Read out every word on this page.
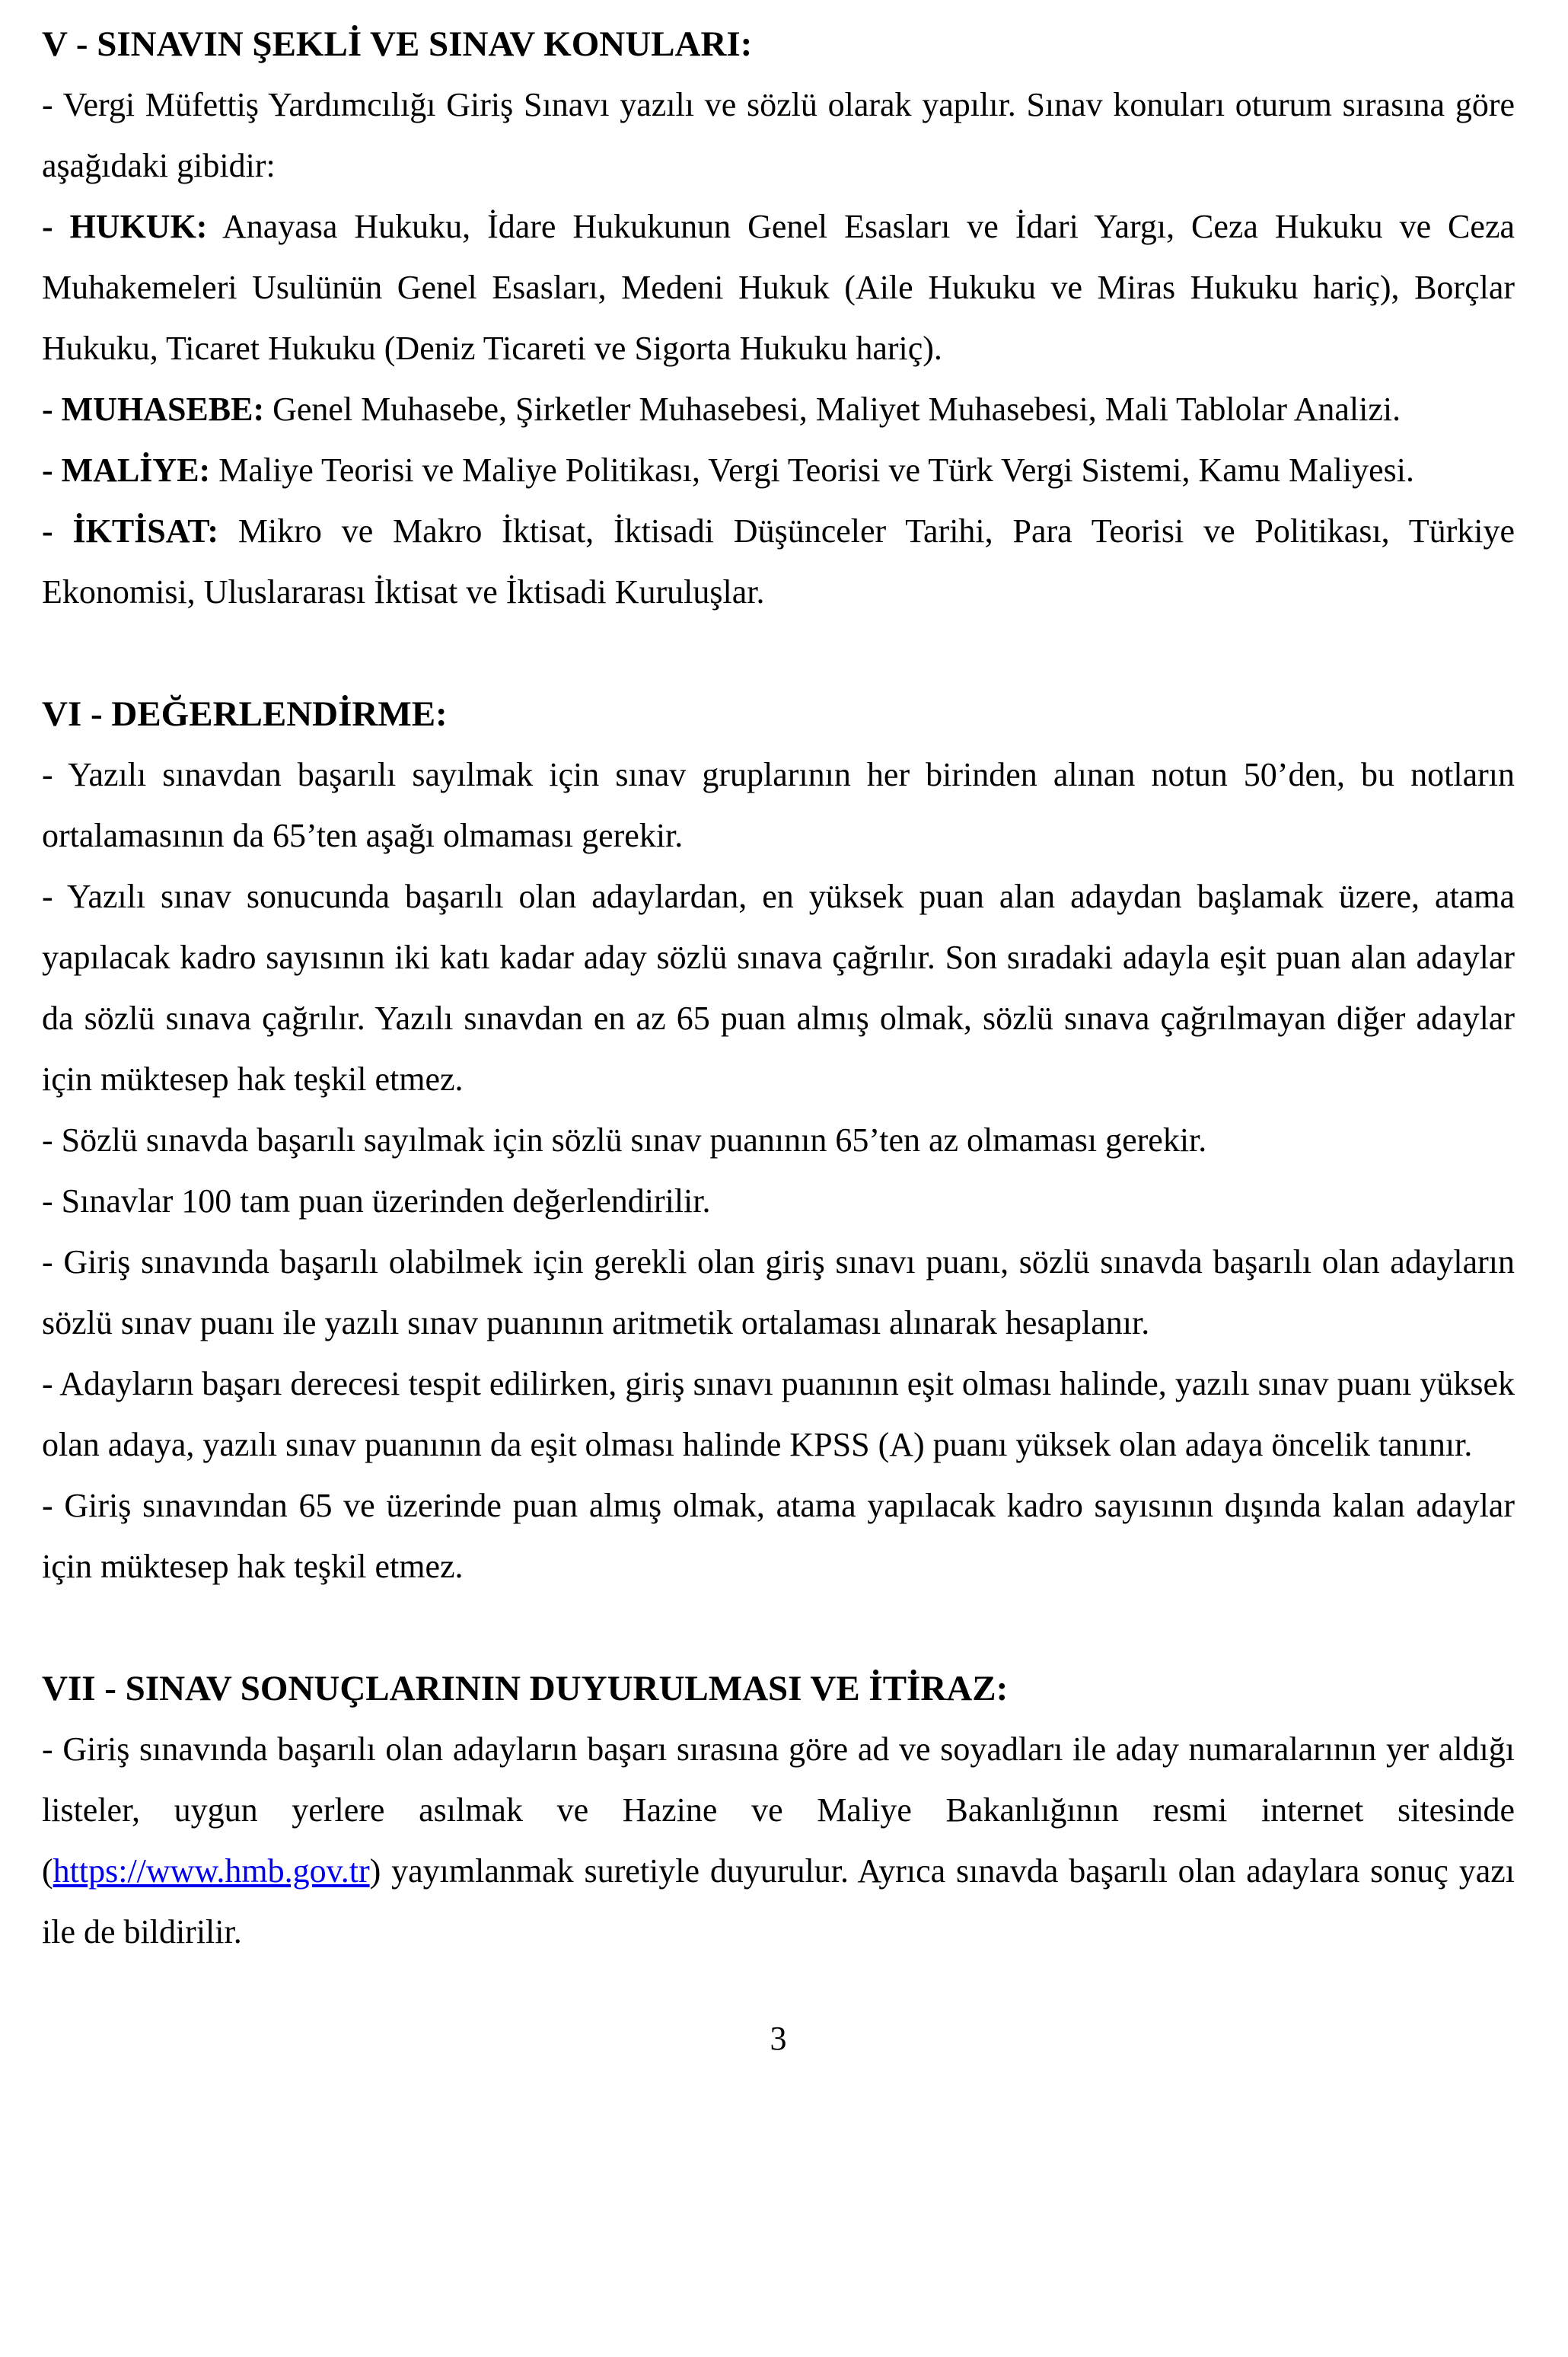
V - SINAVIN ŞEKLİ VE SINAV KONULARI:

- Vergi Müfettiş Yardımcılığı Giriş Sınavı yazılı ve sözlü olarak yapılır. Sınav konuları oturum sırasına göre aşağıdaki gibidir:

- HUKUK: Anayasa Hukuku, İdare Hukukunun Genel Esasları ve İdari Yargı, Ceza Hukuku ve Ceza Muhakemeleri Usulünün Genel Esasları, Medeni Hukuk (Aile Hukuku ve Miras Hukuku hariç), Borçlar Hukuku, Ticaret Hukuku (Deniz Ticareti ve Sigorta Hukuku hariç).

- MUHASEBE: Genel Muhasebe, Şirketler Muhasebesi, Maliyet Muhasebesi, Mali Tablolar Analizi.

- MALİYE: Maliye Teorisi ve Maliye Politikası, Vergi Teorisi ve Türk Vergi Sistemi, Kamu Maliyesi.

- İKTİSAT: Mikro ve Makro İktisat, İktisadi Düşünceler Tarihi, Para Teorisi ve Politikası, Türkiye Ekonomisi, Uluslararası İktisat ve İktisadi Kuruluşlar.

VI - DEĞERLENDİRME:

- Yazılı sınavdan başarılı sayılmak için sınav gruplarının her birinden alınan notun 50’den, bu notların ortalamasının da 65’ten aşağı olmaması gerekir.

- Yazılı sınav sonucunda başarılı olan adaylardan, en yüksek puan alan adaydan başlamak üzere, atama yapılacak kadro sayısının iki katı kadar aday sözlü sınava çağrılır. Son sıradaki adayla eşit puan alan adaylar da sözlü sınava çağrılır. Yazılı sınavdan en az 65 puan almış olmak, sözlü sınava çağrılmayan diğer adaylar için müktesep hak teşkil etmez.

- Sözlü sınavda başarılı sayılmak için sözlü sınav puanının 65’ten az olmaması gerekir.

- Sınavlar 100 tam puan üzerinden değerlendirilir.

- Giriş sınavında başarılı olabilmek için gerekli olan giriş sınavı puanı, sözlü sınavda başarılı olan adayların sözlü sınav puanı ile yazılı sınav puanının aritmetik ortalaması alınarak hesaplanır.

- Adayların başarı derecesi tespit edilirken, giriş sınavı puanının eşit olması halinde, yazılı sınav puanı yüksek olan adaya, yazılı sınav puanının da eşit olması halinde KPSS (A) puanı yüksek olan adaya öncelik tanınır.

- Giriş sınavından 65 ve üzerinde puan almış olmak, atama yapılacak kadro sayısının dışında kalan adaylar için müktesep hak teşkil etmez.

VII - SINAV SONUÇLARININ DUYURULMASI VE İTİRAZ:

- Giriş sınavında başarılı olan adayların başarı sırasına göre ad ve soyadları ile aday numaralarının yer aldığı listeler, uygun yerlere asılmak ve Hazine ve Maliye Bakanlığının resmi internet sitesinde (https://www.hmb.gov.tr) yayımlanmak suretiyle duyurulur. Ayrıca sınavda başarılı olan adaylara sonuç yazı ile de bildirilir.

3
